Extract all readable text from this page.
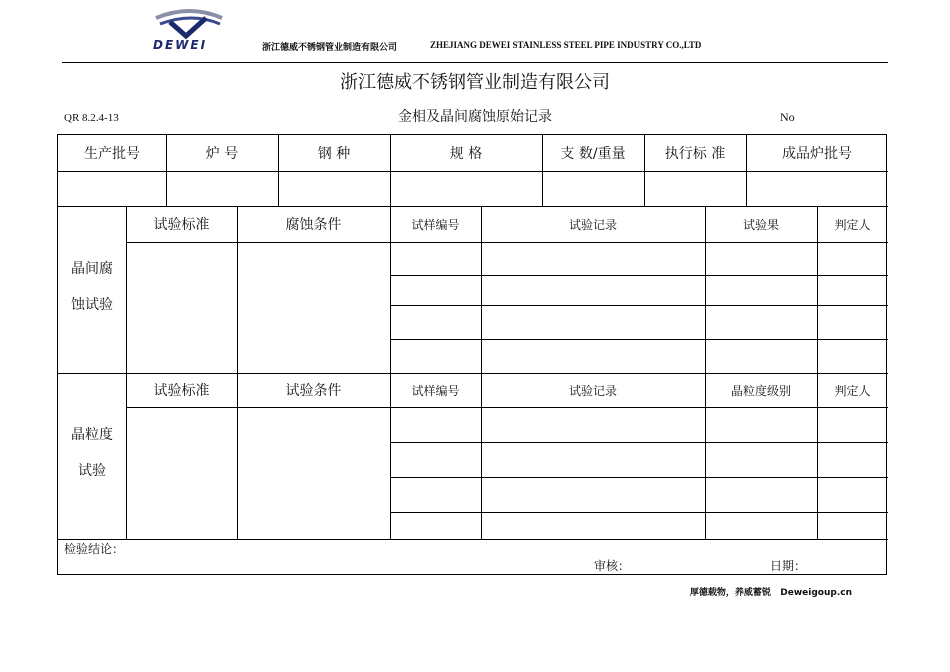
DEWEI	浙江德威不锈钢管业制造有限公司	ZHEJIANG DEWEI STAINLESS STEEL PIPE INDUSTRY CO.,LTD
浙江德威不锈钢管业制造有限公司
QR 8.2.4-13	金相及晶间腐蚀原始记录	No
生产批号	炉 号	钢 种	规 格	支 数/重量	执行标 准	成品炉批号
晶间腐
蚀试验
试验标准	腐蚀条件	试样编号	试验记录	试验果	判定人
晶粒度
试验
试验标准	试验条件	试样编号	试验记录	晶粒度级别	判定人
检验结论：
审核：	日期：
厚德载物，养威蓄锐 Deweigoup.cn
